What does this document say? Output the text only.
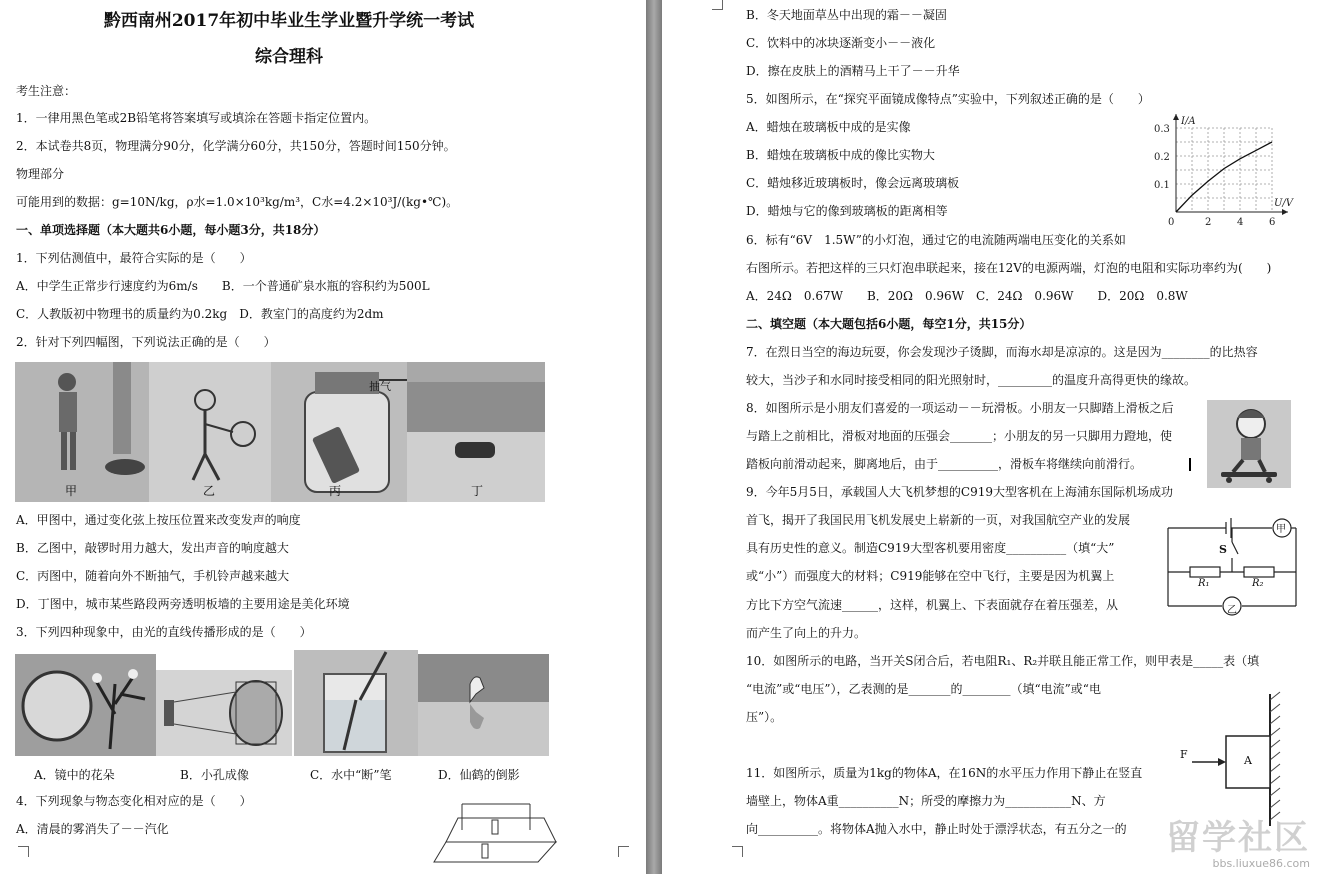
黔西南州2017年初中毕业生学业暨升学统一考试
综合理科
考生注意：
1．一律用黑色笔或2B铅笔将答案填写或填涂在答题卡指定位置内。
2．本试卷共8页，物理满分90分，化学满分60分，共150分，答题时间150分钟。
物理部分
可能用到的数据：g=10N/kg，ρ水=1.0×10³kg/m³，C水=4.2×10³J/(kg•℃)。
一、单项选择题（本大题共6小题，每小题3分，共18分）
1．下列估测值中，最符合实际的是（　　）
A．中学生正常步行速度约为6m/s　　B．一个普通矿泉水瓶的容积约为500L
C．人教版初中物理书的质量约为0.2kg　D．教室门的高度约为2dm
2．针对下列四幅图，下列说法正确的是（　　）
抽气
甲	乙	丙	丁
A．甲图中，通过变化弦上按压位置来改变发声的响度
B．乙图中，敲锣时用力越大，发出声音的响度越大
C．丙图中，随着向外不断抽气，手机铃声越来越大
D．丁图中，城市某些路段两旁透明板墙的主要用途是美化环境
3．下列四种现象中，由光的直线传播形成的是（　　）
A．镜中的花朵	B．小孔成像	C．水中“断”笔	D．仙鹤的倒影
4．下列现象与物态变化相对应的是（　　）
A．清晨的雾消失了－－汽化
B．冬天地面草丛中出现的霜－－凝固
C．饮料中的冰块逐渐变小－－液化
D．擦在皮肤上的酒精马上干了－－升华
5．如图所示，在“探究平面镜成像特点”实验中，下列叙述正确的是（　　）
A．蜡烛在玻璃板中成的是实像
B．蜡烛在玻璃板中成的像比实物大
C．蜡烛移近玻璃板时，像会远离玻璃板
D．蜡烛与它的像到玻璃板的距离相等
6．标有“6V　1.5W”的小灯泡，通过它的电流随两端电压变化的关系如
右图所示。若把这样的三只灯泡串联起来，接在12V的电源两端，灯泡的电阻和实际功率约为(　　)
A．24Ω　0.67W　　B．20Ω　0.96W　C．24Ω　0.96W　　D．20Ω　0.8W
二、填空题（本大题包括6小题，每空1分，共15分）
7．在烈日当空的海边玩耍，你会发现沙子烫脚，而海水却是凉凉的。这是因为________的比热容
较大，当沙子和水同时接受相同的阳光照射时，_________的温度升高得更快的缘故。
8．如图所示是小朋友们喜爱的一项运动－－玩滑板。小朋友一只脚踏上滑板之后
与踏上之前相比，滑板对地面的压强会_______；小朋友的另一只脚用力蹬地，使
踏板向前滑动起来，脚离地后，由于__________，滑板车将继续向前滑行。
9．今年5月5日，承载国人大飞机梦想的C919大型客机在上海浦东国际机场成功
首飞，揭开了我国民用飞机发展史上崭新的一页，对我国航空产业的发展
具有历史性的意义。制造C919大型客机要用密度__________（填“大”
或“小”）而强度大的材料；C919能够在空中飞行，主要是因为机翼上
方比下方空气流速______，这样，机翼上、下表面就存在着压强差，从
而产生了向上的升力。
10．如图所示的电路，当开关S闭合后，若电阻R₁、R₂并联且能正常工作，则甲表是_____表（填
“电流”或“电压”），乙表测的是_______的________（填“电流”或“电
压”）。
11．如图所示，质量为1kg的物体A，在16N的水平压力作用下静止在竖直
墙壁上，物体A重__________N；所受的摩擦力为___________N、方
向__________。将物体A抛入水中，静止时处于漂浮状态，有五分之一的
0	2	4	6
0.1
0.2
0.3
U/V
I/A
甲
乙
S
R₁	R₂
F	A
留学社区
bbs.liuxue86.com
